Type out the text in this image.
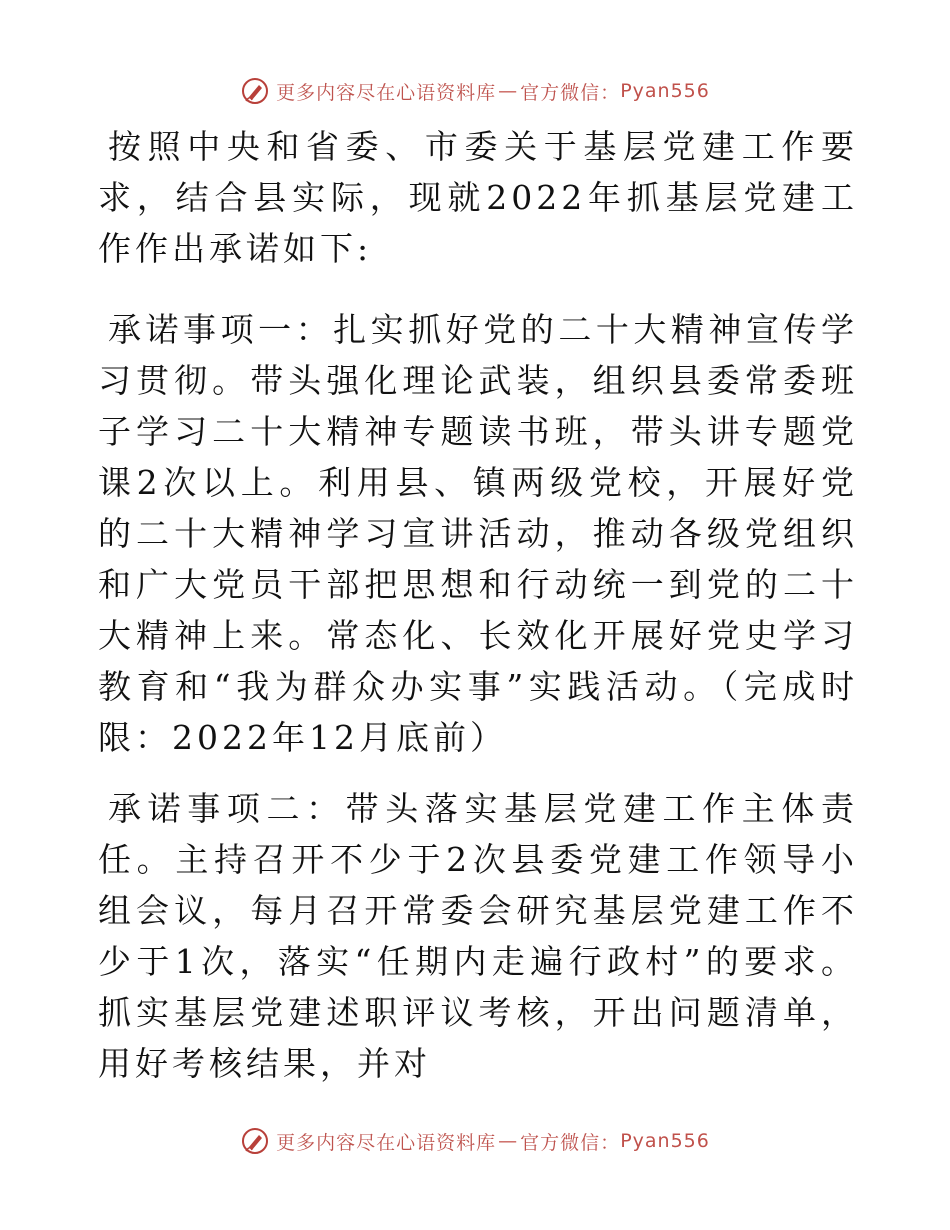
更多内容尽在心语资料库 — 官方微信： Pyan556

按照中央和省委、市委关于基层党建工作要求，结合县实际，现就2022年抓基层党建工作作出承诺如下:

承诺事项一：扎实抓好党的二十大精神宣传学习贯彻。带头强化理论武装，组织县委常委班子学习二十大精神专题读书班，带头讲专题党课2次以上。利用县、镇两级党校，开展好党的二十大精神学习宣讲活动，推动各级党组织和广大党员干部把思想和行动统一到党的二十大精神上来。常态化、长效化开展好党史学习教育和“我为群众办实事”实践活动。（完成时限：2022年12月底前）

承诺事项二：带头落实基层党建工作主体责任。主持召开不少于2次县委党建工作领导小组会议，每月召开常委会研究基层党建工作不少于1次，落实“任期内走遍行政村”的要求。抓实基层党建述职评议考核，开出问题清单，用好考核结果，并对

更多内容尽在心语资料库 — 官方微信： Pyan556
